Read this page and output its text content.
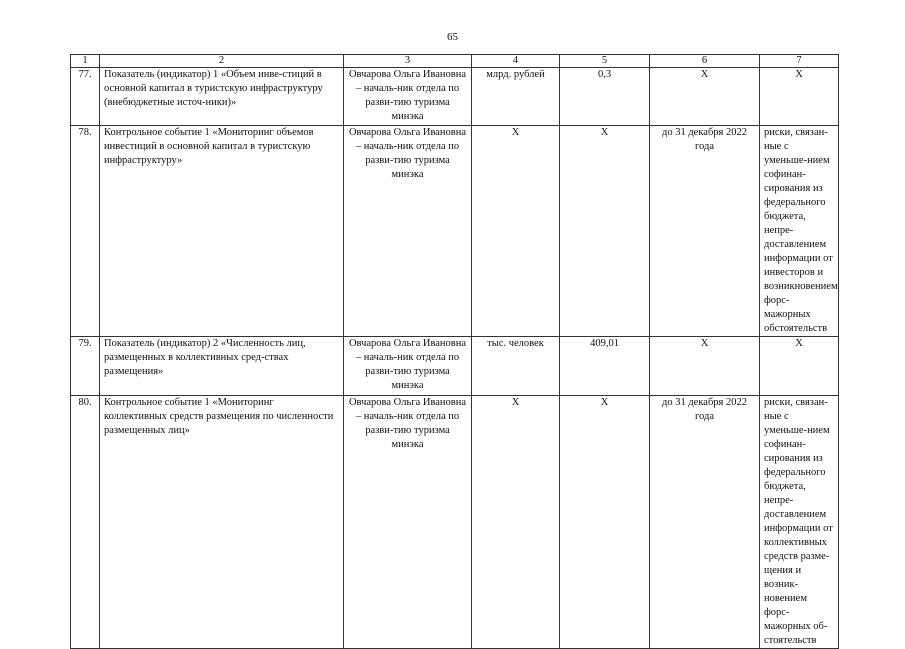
65
1	2	3	4	5	6	7
77.	Показатель (индикатор) 1 «Объем инве-стиций в основной капитал в туристскую инфраструктуру (внебюджетные источ-ники)»	Овчарова Ольга Ивановна – началь-ник отдела по разви-тию туризма минэка	млрд. рублей	0,3	Х	Х
78.	Контрольное событие 1 «Мониторинг объемов инвестиций в основной капитал в туристскую инфраструктуру»	Овчарова Ольга Ивановна – началь-ник отдела по разви-тию туризма минэка	Х	Х	до 31 декабря 2022 года	риски, связан-ные с уменьше-нием софинан-сирования из федерального бюджета, непре-доставлением информации от инвесторов и возникновением форс-мажорных обстоятельств
79.	Показатель (индикатор) 2 «Численность лиц, размещенных в коллективных сред-ствах размещения»	Овчарова Ольга Ивановна – началь-ник отдела по разви-тию туризма минэка	тыс. человек	409,01	Х	Х
80.	Контрольное событие 1 «Мониторинг коллективных средств размещения по численности размещенных лиц»	Овчарова Ольга Ивановна – началь-ник отдела по разви-тию туризма минэка	Х	Х	до 31 декабря 2022 года	риски, связан-ные с уменьше-нием софинан-сирования из федерального бюджета, непре-доставлением информации от коллективных средств разме-щения и возник-новением форс-мажорных об-стоятельств
